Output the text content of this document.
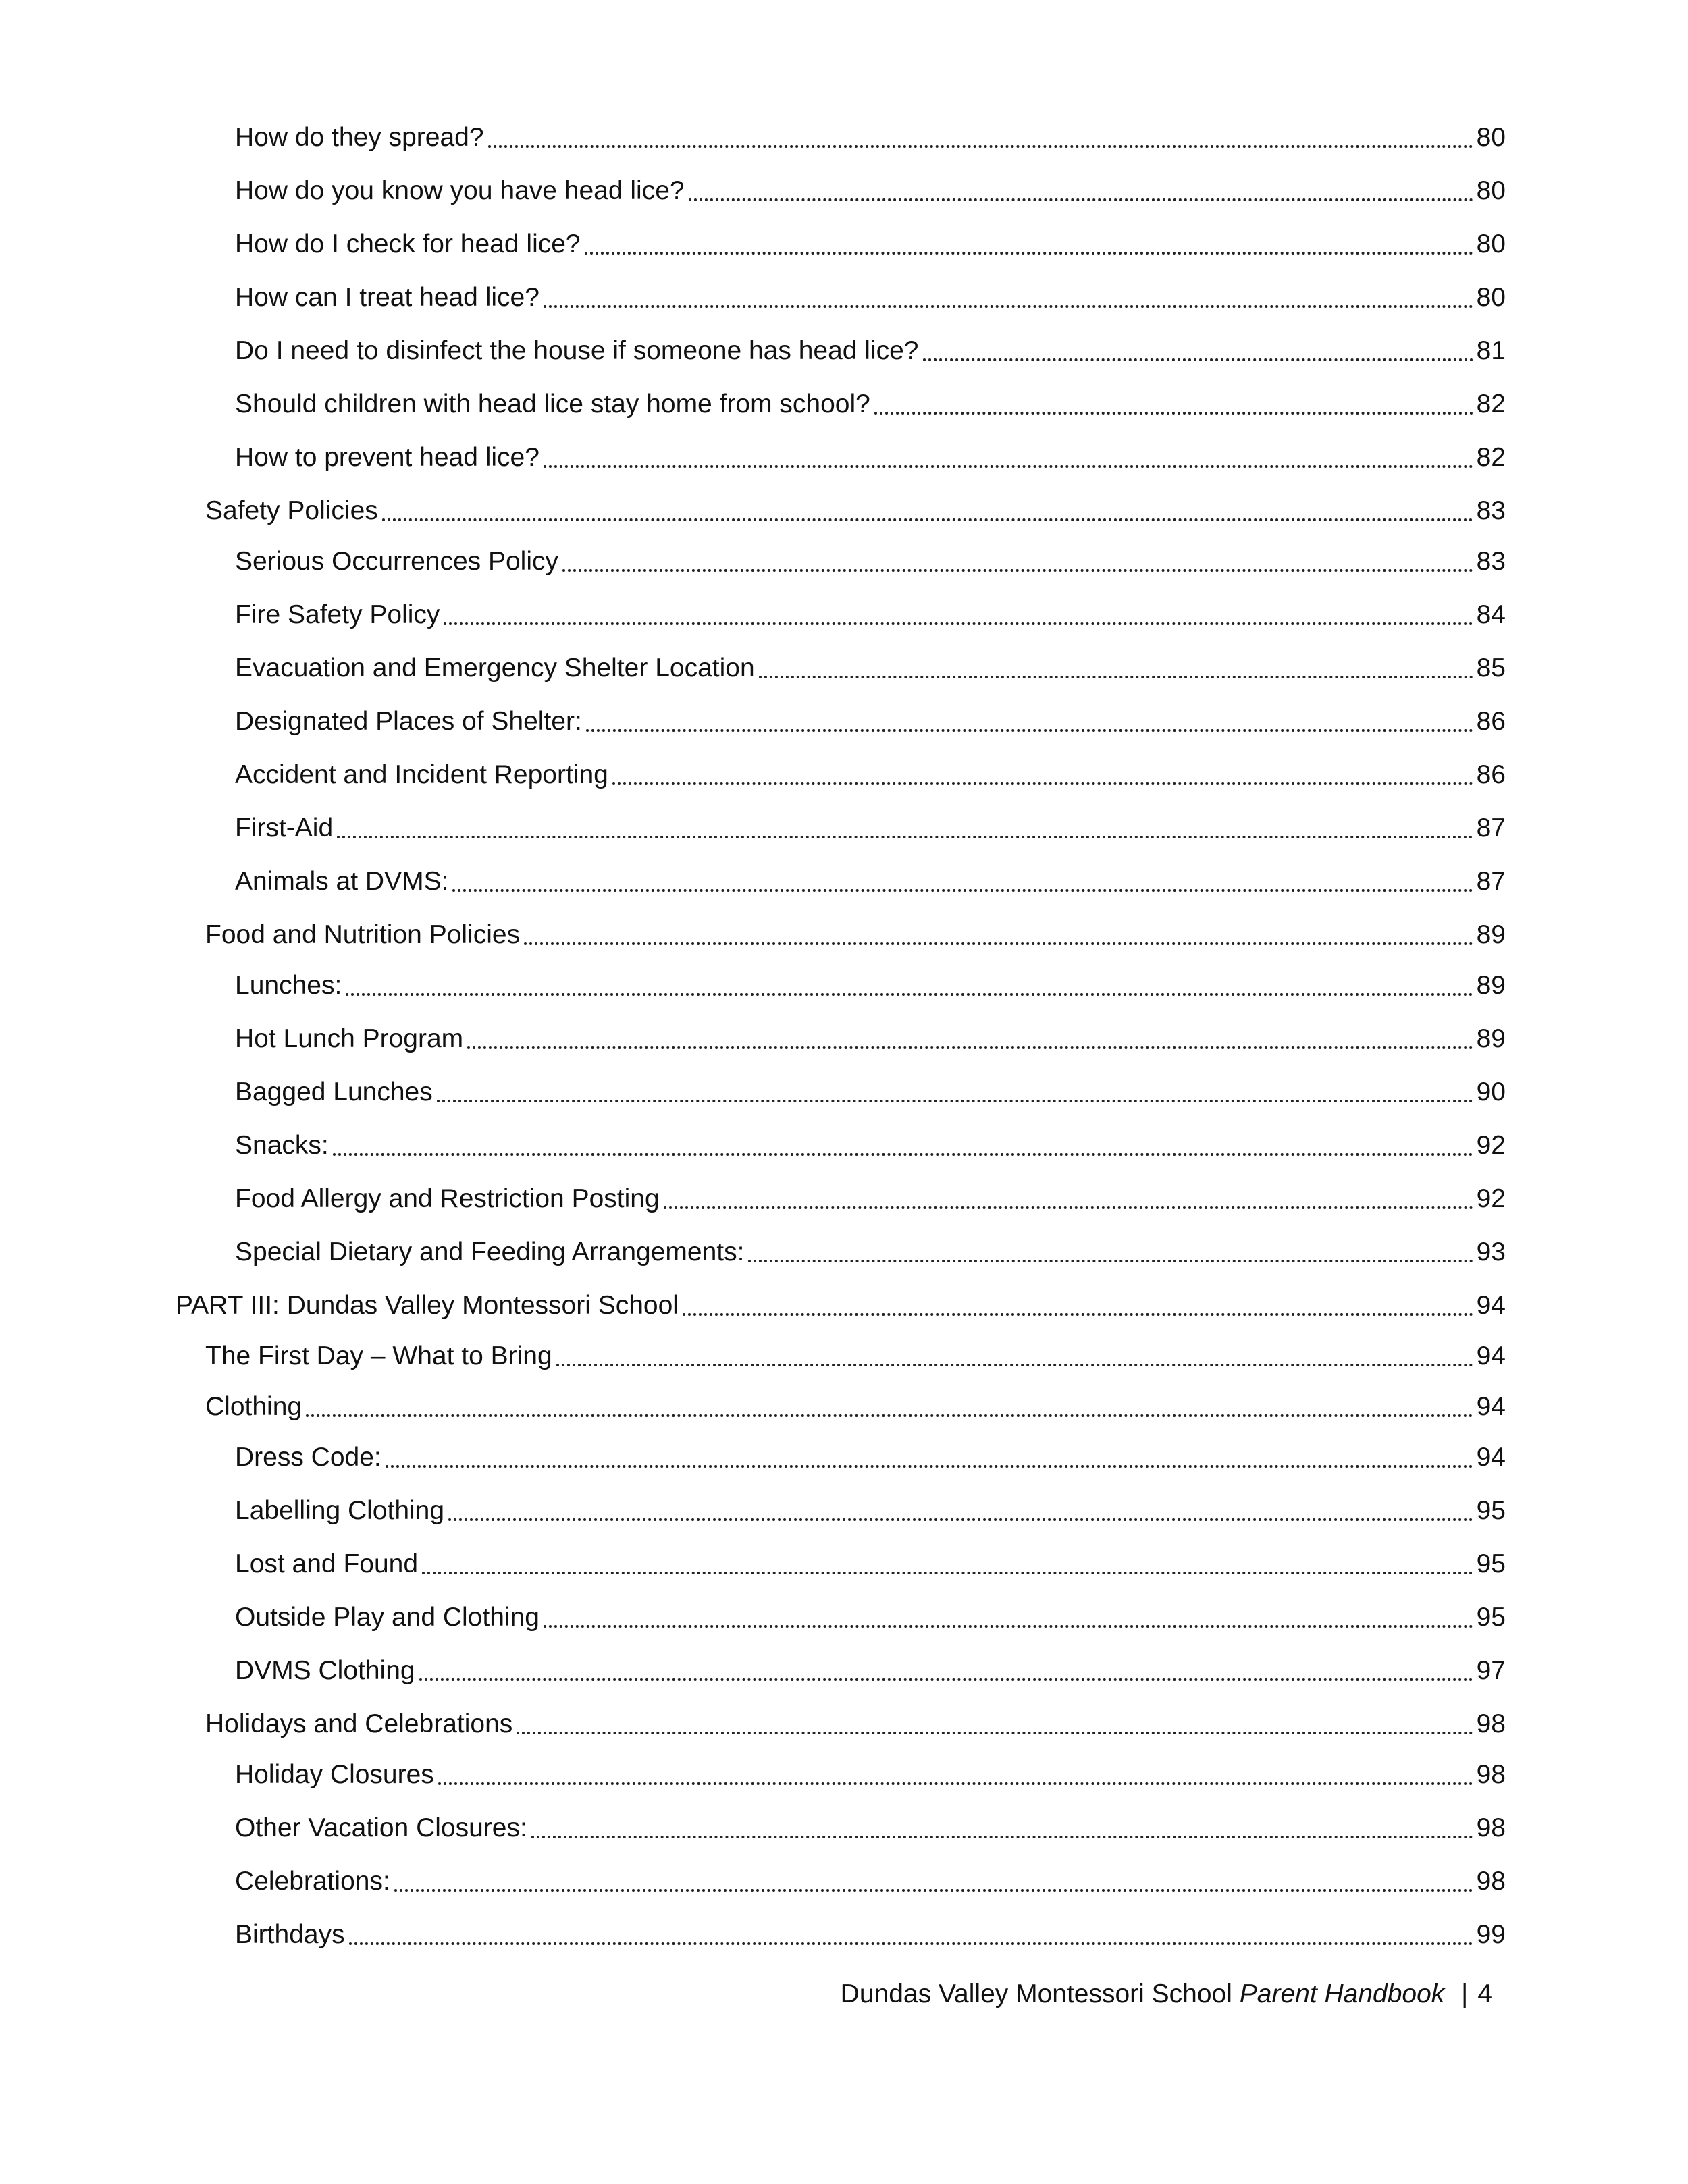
How do they spread?	80
How do you know you have head lice?	80
How do I check for head lice?	80
How can I treat head lice?	80
Do I need to disinfect the house if someone has head lice?	81
Should children with head lice stay home from school?	82
How to prevent head lice?	82
Safety Policies	83
Serious Occurrences Policy	83
Fire Safety Policy	84
Evacuation and Emergency Shelter Location	85
Designated Places of Shelter:	86
Accident and Incident Reporting	86
First-Aid	87
Animals at DVMS:	87
Food and Nutrition Policies	89
Lunches:	89
Hot Lunch Program	89
Bagged Lunches	90
Snacks:	92
Food Allergy and Restriction Posting	92
Special Dietary and Feeding Arrangements:	93
PART III: Dundas Valley Montessori School	94
The First Day – What to Bring	94
Clothing	94
Dress Code:	94
Labelling Clothing	95
Lost and Found	95
Outside Play and Clothing	95
DVMS Clothing	97
Holidays and Celebrations	98
Holiday Closures	98
Other Vacation Closures:	98
Celebrations:	98
Birthdays	99
Dundas Valley Montessori School Parent Handbook | 4
